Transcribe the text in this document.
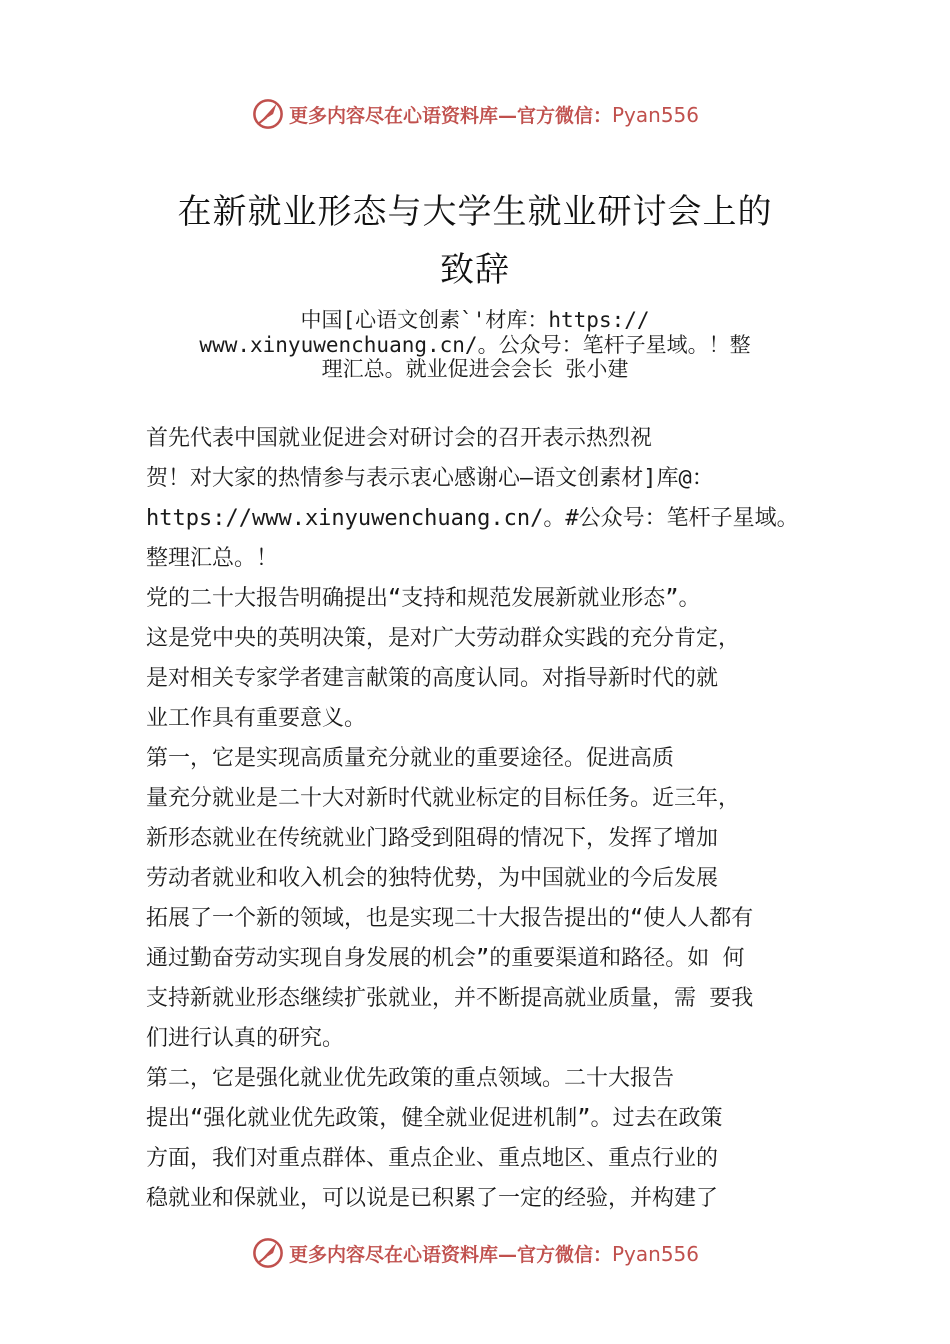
更多内容尽在心语资料库—官方微信：Pyan556
在新就业形态与大学生就业研讨会上的
致辞
中国[心语文创素`'材库：https://
www.xinyuwenchuang.cn/。公众号：笔杆子星域。！整
理汇总。就业促进会会长 张小建
首先代表中国就业促进会对研讨会的召开表示热烈祝
贺！对大家的热情参与表示衷心感谢心—语文创素材]库@：
https://www.xinyuwenchuang.cn/。#公众号：笔杆子星域。
整理汇总。！
党的二十大报告明确提出“支持和规范发展新就业形态”。
这是党中央的英明决策，是对广大劳动群众实践的充分肯定，
是对相关专家学者建言献策的高度认同。对指导新时代的就
业工作具有重要意义。
第一，它是实现高质量充分就业的重要途径。促进高质
量充分就业是二十大对新时代就业标定的目标任务。近三年，
新形态就业在传统就业门路受到阻碍的情况下，发挥了增加
劳动者就业和收入机会的独特优势，为中国就业的今后发展
拓展了一个新的领域，也是实现二十大报告提出的“使人人都有
通过勤奋劳动实现自身发展的机会”的重要渠道和路径。如 何
支持新就业形态继续扩张就业，并不断提高就业质量，需 要我
们进行认真的研究。
第二，它是强化就业优先政策的重点领域。二十大报告
提出“强化就业优先政策，健全就业促进机制”。过去在政策
方面，我们对重点群体、重点企业、重点地区、重点行业的
稳就业和保就业，可以说是已积累了一定的经验，并构建了
更多内容尽在心语资料库—官方微信：Pyan556
